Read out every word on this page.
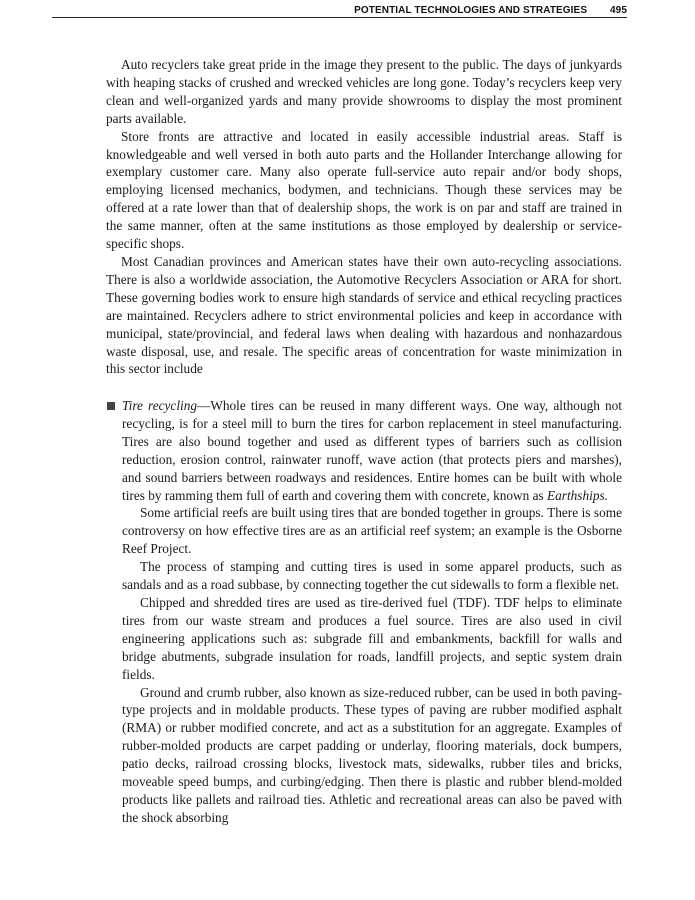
POTENTIAL TECHNOLOGIES AND STRATEGIES 495

Auto recyclers take great pride in the image they present to the public. The days of junkyards with heaping stacks of crushed and wrecked vehicles are long gone. Today’s recyclers keep very clean and well-organized yards and many provide showrooms to display the most prominent parts available.

Store fronts are attractive and located in easily accessible industrial areas. Staff is knowledgeable and well versed in both auto parts and the Hollander Interchange allowing for exemplary customer care. Many also operate full-service auto repair and/or body shops, employing licensed mechanics, bodymen, and technicians. Though these services may be offered at a rate lower than that of dealership shops, the work is on par and staff are trained in the same manner, often at the same institutions as those employed by dealership or service-specific shops.

Most Canadian provinces and American states have their own auto-recycling associations. There is also a worldwide association, the Automotive Recyclers Association or ARA for short. These governing bodies work to ensure high standards of service and ethical recycling practices are maintained. Recyclers adhere to strict environmental policies and keep in accordance with municipal, state/provincial, and federal laws when dealing with hazardous and nonhazardous waste disposal, use, and resale. The specific areas of concentration for waste minimization in this sector include

Tire recycling—Whole tires can be reused in many different ways. One way, although not recycling, is for a steel mill to burn the tires for carbon replacement in steel manufacturing. Tires are also bound together and used as different types of barriers such as collision reduction, erosion control, rainwater runoff, wave action (that protects piers and marshes), and sound barriers between roadways and residences. Entire homes can be built with whole tires by ramming them full of earth and covering them with concrete, known as Earthships.

Some artificial reefs are built using tires that are bonded together in groups. There is some controversy on how effective tires are as an artificial reef system; an example is the Osborne Reef Project.

The process of stamping and cutting tires is used in some apparel products, such as sandals and as a road subbase, by connecting together the cut sidewalls to form a flexible net.

Chipped and shredded tires are used as tire-derived fuel (TDF). TDF helps to eliminate tires from our waste stream and produces a fuel source. Tires are also used in civil engineering applications such as: subgrade fill and embankments, backfill for walls and bridge abutments, subgrade insulation for roads, landfill projects, and septic system drain fields.

Ground and crumb rubber, also known as size-reduced rubber, can be used in both paving-type projects and in moldable products. These types of paving are rubber modified asphalt (RMA) or rubber modified concrete, and act as a substitution for an aggregate. Examples of rubber-molded products are carpet padding or underlay, flooring materials, dock bumpers, patio decks, railroad crossing blocks, livestock mats, sidewalks, rubber tiles and bricks, moveable speed bumps, and curbing/edging. Then there is plastic and rubber blend-molded products like pallets and railroad ties. Athletic and recreational areas can also be paved with the shock absorbing
